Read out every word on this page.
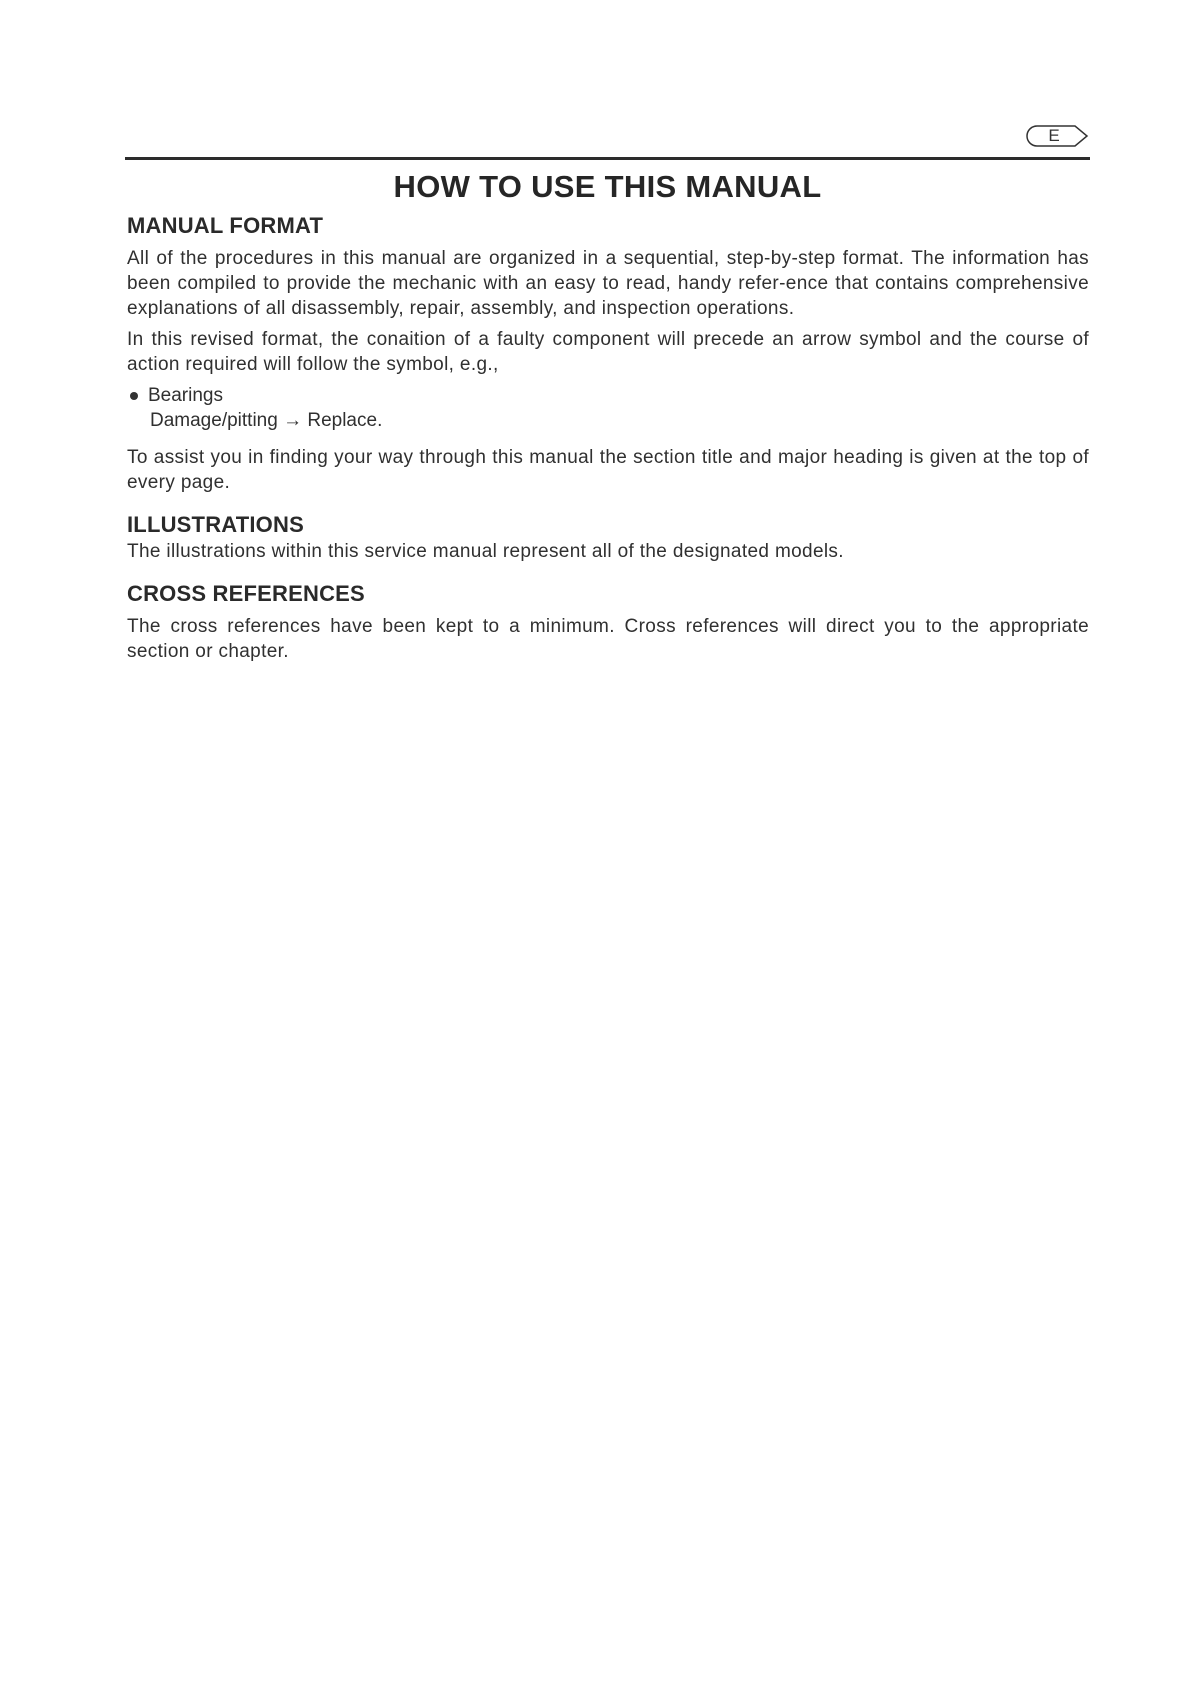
E
HOW TO USE THIS MANUAL
MANUAL FORMAT

All of the procedures in this manual are organized in a sequential, step-by-step format. The information has been compiled to provide the mechanic with an easy to read, handy refer-ence that contains comprehensive explanations of all disassembly, repair, assembly, and inspection operations.

In this revised format, the conaition of a faulty component will precede an arrow symbol and the course of action required will follow the symbol, e.g.,

Bearings
Damage/pitting → Replace.

To assist you in finding your way through this manual the section title and major heading is given at the top of every page.

ILLUSTRATIONS

The illustrations within this service manual represent all of the designated models.

CROSS REFERENCES

The cross references have been kept to a minimum. Cross references will direct you to the appropriate section or chapter.
